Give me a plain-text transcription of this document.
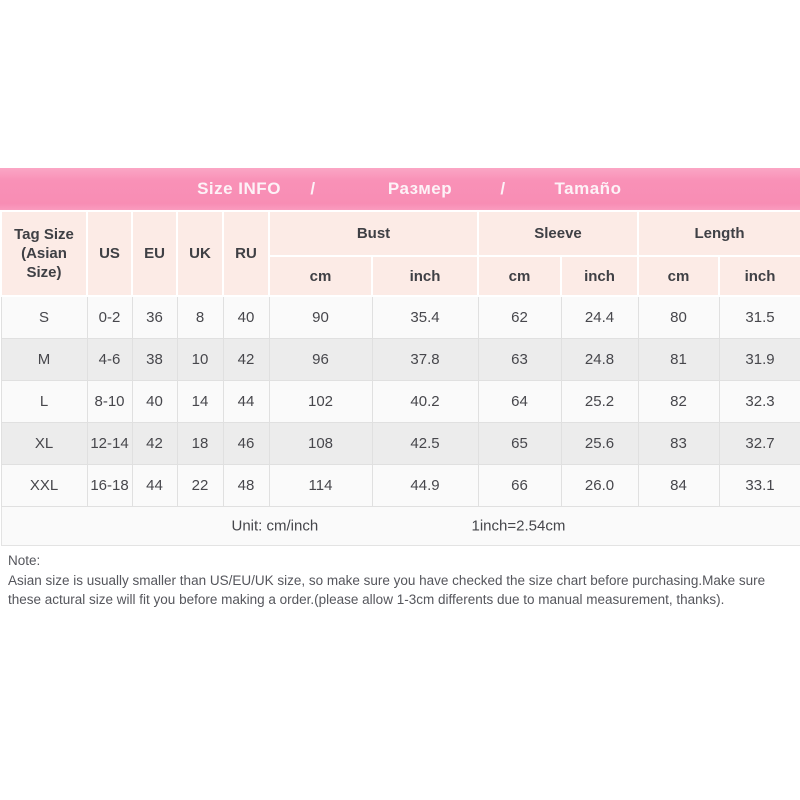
Size INFO /	Размер	/	Tamaño
Tag Size
(Asian Size)	US	EU	UK	RU	Bust		Sleeve		Length	
					cm	inch	cm	inch	cm	inch
S	0-2	36	8	40	90	35.4	62	24.4	80	31.5
M	4-6	38	10	42	96	37.8	63	24.8	81	31.9
L	8-10	40	14	44	102	40.2	64	25.2	82	32.3
XL	12-14	42	18	46	108	42.5	65	25.6	83	32.7
XXL	16-18	44	22	48	114	44.9	66	26.0	84	33.1

Unit: cm/inch 1inch=2.54cm										
Note:
Asian size is usually smaller than US/EU/UK size, so make sure you have checked the size chart before purchasing.Make sure
these actural size will fit you before making a order.(please allow 1-3cm differents due to manual measurement, thanks).
